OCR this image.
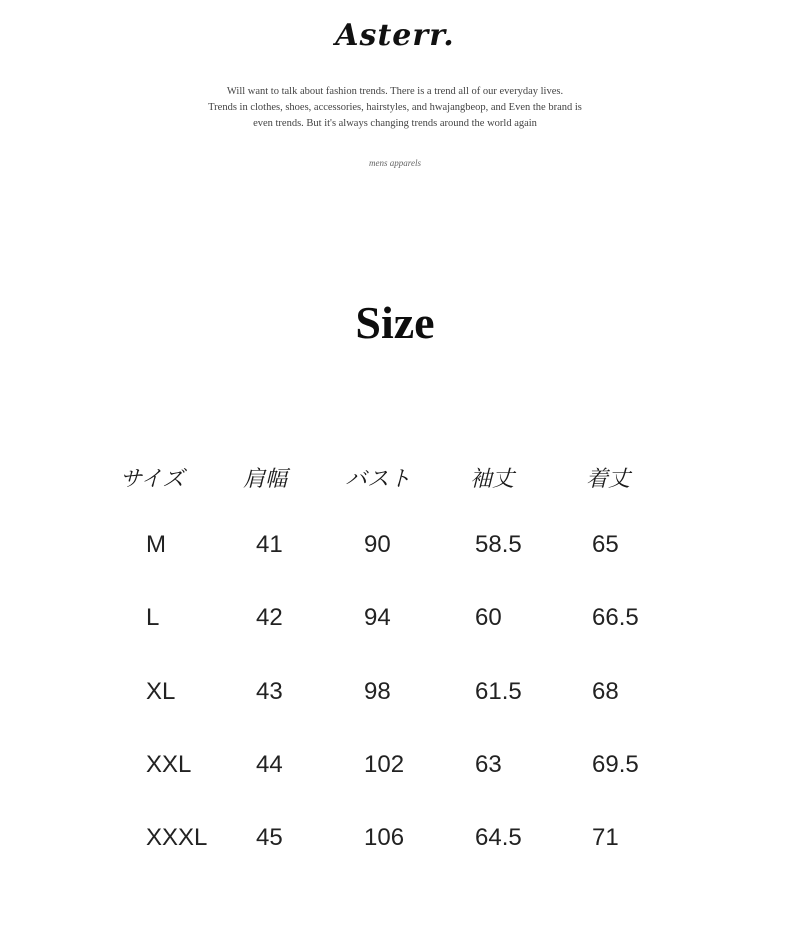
Asterr.
Will want to talk about fashion trends. There is a trend all of our everyday lives.
Trends in clothes, shoes, accessories, hairstyles, and hwajangbeop, and Even the brand is
even trends. But it's always changing trends around the world again
mens apparels
Size
サイズ	肩幅	バスト	袖丈	着丈
M	41	90	58.5	65
L	42	94	60	66.5
XL	43	98	61.5	68
XXL	44	102	63	69.5
XXXL 45	106	64.5	71
